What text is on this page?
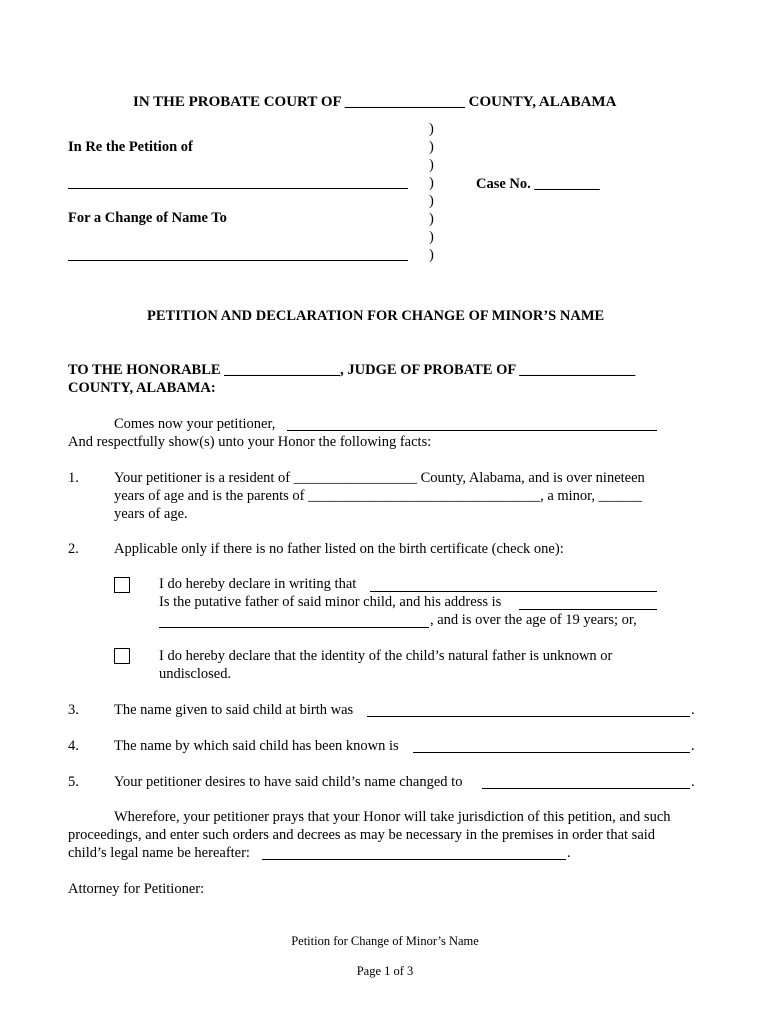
IN THE PROBATE COURT OF ________________ COUNTY, ALABAMA
In Re the Petition of
For a Change of Name To
)
)
)
)
)
)
)
)
Case No. _________
PETITION AND DECLARATION FOR CHANGE OF MINOR’S NAME
TO THE HONORABLE ________________, JUDGE OF PROBATE OF ________________
COUNTY, ALABAMA:
Comes now your petitioner,
And respectfully show(s) unto your Honor the following facts:
1. Your petitioner is a resident of _________________ County, Alabama, and is over nineteen
years of age and is the parents of ________________________________, a minor, ______
years of age.
2. Applicable only if there is no father listed on the birth certificate (check one):
I do hereby declare in writing that
Is the putative father of said minor child, and his address is
, and is over the age of 19 years; or,
I do hereby declare that the identity of the child’s natural father is unknown or
undisclosed.
3. The name given to said child at birth was	.
4. The name by which said child has been known is	.
5. Your petitioner desires to have said child’s name changed to	.
Wherefore, your petitioner prays that your Honor will take jurisdiction of this petition, and such
proceedings, and enter such orders and decrees as may be necessary in the premises in order that said
child’s legal name be hereafter:	.
Attorney for Petitioner:
Petition for Change of Minor’s Name
Page 1 of 3
